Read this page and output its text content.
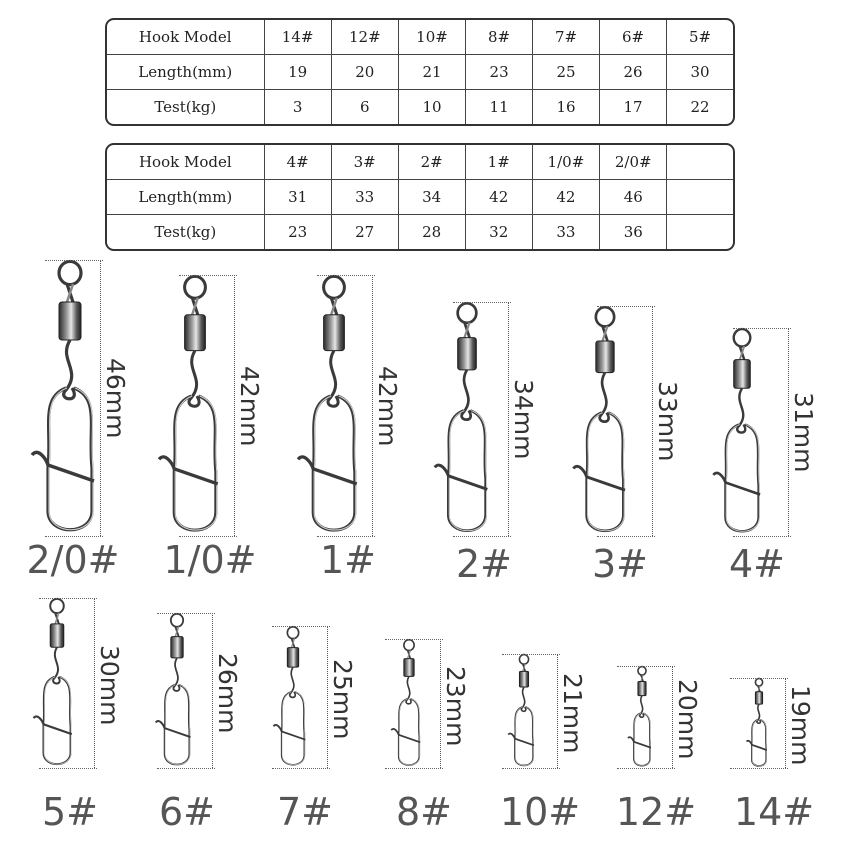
Hook Model	14#	12#	10#	8#	7#	6#	5#
Length(mm)	19	20	21	23	25	26	30
Test(kg)	3	6	10	11	16	17	22
Hook Model	4#	3#	2#	1#	1/0#	2/0#	
Length(mm)	31	33	34	42	42	46	
Test(kg)	23	27	28	32	33	36	
46mm
2/0#
42mm
1/0#
42mm
1#
34mm
2#
33mm
3#
31mm
4#
30mm
5#
26mm
6#
25mm
7#
23mm
8#
21mm
10#
20mm
12#
19mm
14#
